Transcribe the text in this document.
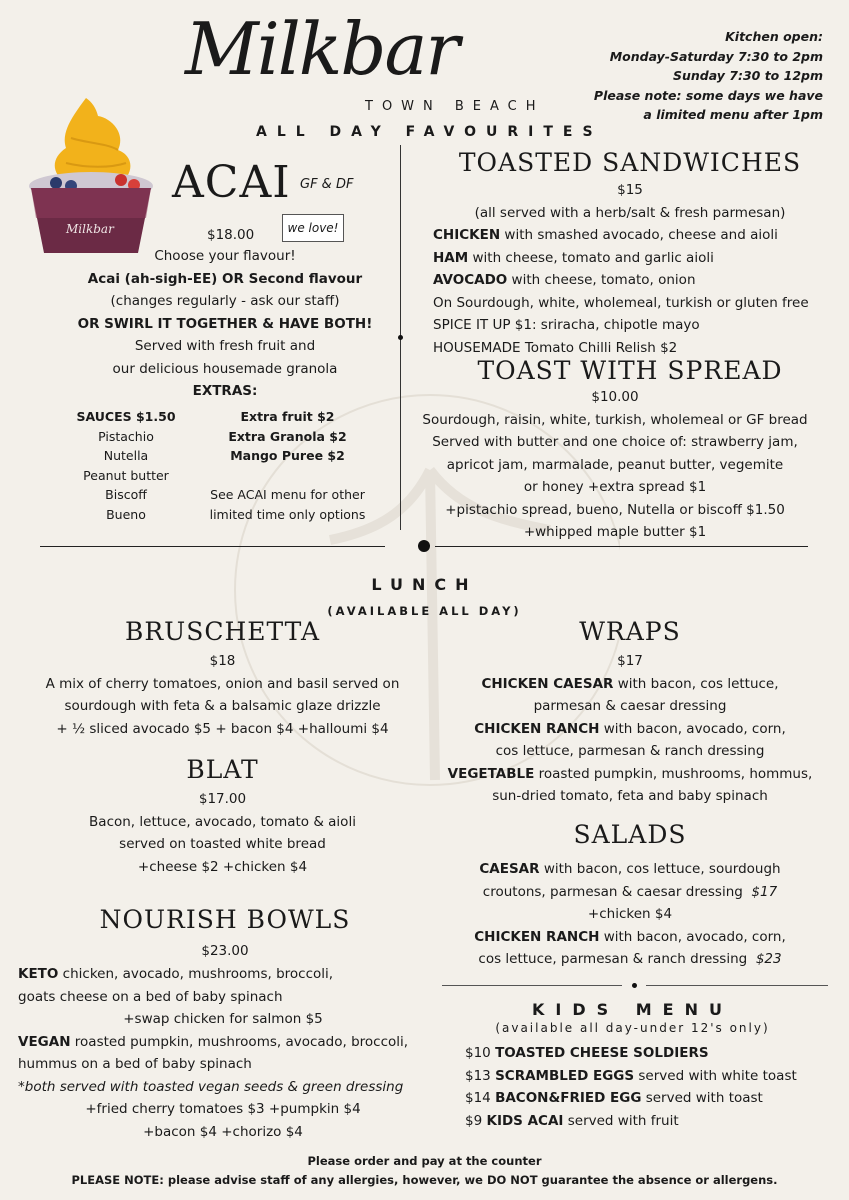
Milkbar
TOWN BEACH
ALL DAY FAVOURITES
Kitchen open:
Monday-Saturday 7:30 to 2pm
Sunday 7:30 to 12pm
Please note: some days we have
a limited menu after 1pm
Milkbar
ACAI GF & DF
$18.00	we love!
Choose your flavour!
Acai (ah-sigh-EE) OR Second flavour
(changes regularly - ask our staff)
OR SWIRL IT TOGETHER & HAVE BOTH!
Served with fresh fruit and
our delicious housemade granola
EXTRAS:
SAUCES $1.50
Pistachio
Nutella
Peanut butter
Biscoff
Bueno
Extra fruit $2
Extra Granola $2
Mango Puree $2
See ACAI menu for other
limited time only options
TOASTED SANDWICHES
$15
(all served with a herb/salt & fresh parmesan)
CHICKEN with smashed avocado, cheese and aioli
HAM with cheese, tomato and garlic aioli
AVOCADO with cheese, tomato, onion
On Sourdough, white, wholemeal, turkish or gluten free
SPICE IT UP $1: sriracha, chipotle mayo
HOUSEMADE Tomato Chilli Relish $2
TOAST WITH SPREAD
$10.00
Sourdough, raisin, white, turkish, wholemeal or GF bread
Served with butter and one choice of: strawberry jam,
apricot jam, marmalade, peanut butter, vegemite
or honey +extra spread $1
+pistachio spread, bueno, Nutella or biscoff $1.50
+whipped maple butter $1
LUNCH
(AVAILABLE ALL DAY)
BRUSCHETTA
$18
A mix of cherry tomatoes, onion and basil served on
sourdough with feta & a balsamic glaze drizzle
+ ½ sliced avocado $5 + bacon $4 +halloumi $4
BLAT
$17.00
Bacon, lettuce, avocado, tomato & aioli
served on toasted white bread
+cheese $2 +chicken $4
NOURISH BOWLS
$23.00
KETO chicken, avocado, mushrooms, broccoli,
goats cheese on a bed of baby spinach
+swap chicken for salmon $5
VEGAN roasted pumpkin, mushrooms, avocado, broccoli,
hummus on a bed of baby spinach
*both served with toasted vegan seeds & green dressing
+fried cherry tomatoes $3 +pumpkin $4
+bacon $4 +chorizo $4
WRAPS
$17
CHICKEN CAESAR with bacon, cos lettuce,
parmesan & caesar dressing
CHICKEN RANCH with bacon, avocado, corn,
cos lettuce, parmesan & ranch dressing
VEGETABLE roasted pumpkin, mushrooms, hommus,
sun-dried tomato, feta and baby spinach
SALADS
CAESAR with bacon, cos lettuce, sourdough
croutons, parmesan & caesar dressing $17
+chicken $4
CHICKEN RANCH with bacon, avocado, corn,
cos lettuce, parmesan & ranch dressing $23
KIDS MENU
(available all day-under 12's only)
$10 TOASTED CHEESE SOLDIERS
$13 SCRAMBLED EGGS served with white toast
$14 BACON&FRIED EGG served with toast
$9 KIDS ACAI served with fruit
Please order and pay at the counter
PLEASE NOTE: please advise staff of any allergies, however, we DO NOT guarantee the absence or allergens.
